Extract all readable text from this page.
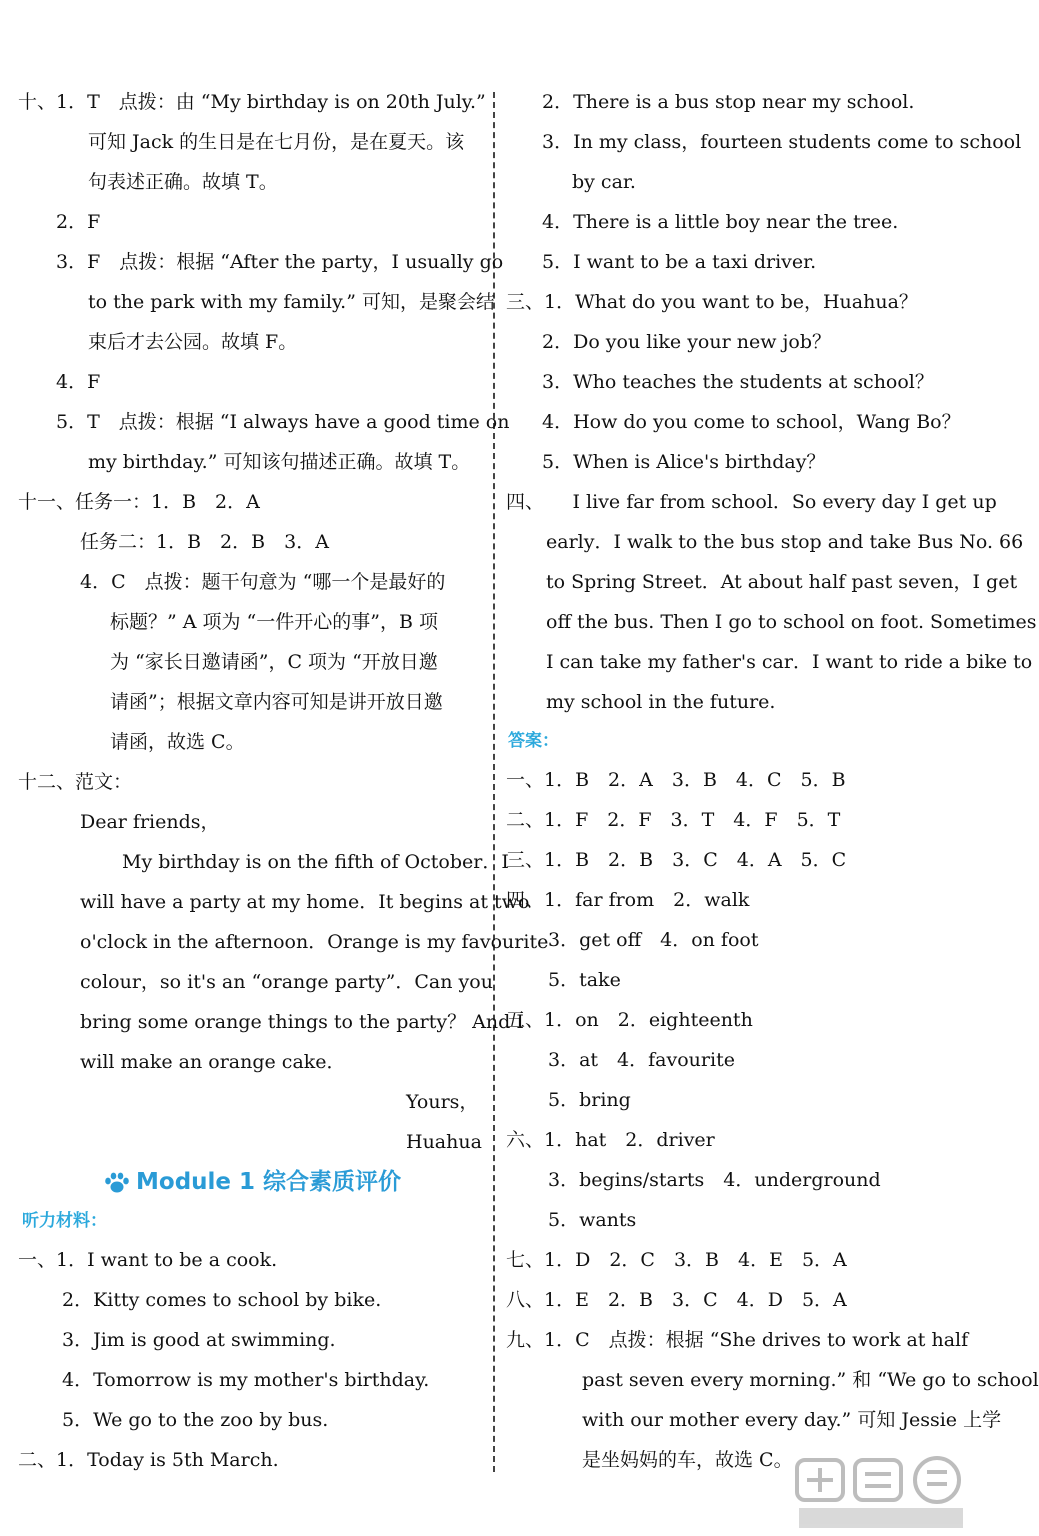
十、1．T　点拨：由 “My birthday is on 20th July.”
可知 Jack 的生日是在七月份，是在夏天。该
句表述正确。故填 T。
2．F
3．F　点拨：根据 “After the party，I usually go
to the park with my family.” 可知，是聚会结
束后才去公园。故填 F。
4．F
5．T　点拨：根据 “I always have a good time on
my birthday.” 可知该句描述正确。故填 T。
十一、任务一：1．B　2．A
任务二：1．B　2．B　3．A
4．C　点拨：题干句意为 “哪一个是最好的
标题？” A 项为 “一件开心的事”，B 项
为 “家长日邀请函”，C 项为 “开放日邀
请函”；根据文章内容可知是讲开放日邀
请函，故选 C。
十二、范文：
Dear friends，
My birthday is on the fifth of October．I
will have a party at my home．It begins at two
o'clock in the afternoon．Orange is my favourite
colour，so it's an “orange party”．Can you
bring some orange things to the party？ And I
will make an orange cake．
Yours，
Huahua
Module 1 综合素质评价
听力材料：
一、1．I want to be a cook.
2．Kitty comes to school by bike.
3．Jim is good at swimming.
4．Tomorrow is my mother's birthday.
5．We go to the zoo by bus.
二、1．Today is 5th March.
2．There is a bus stop near my school.
3．In my class，fourteen students come to school
by car.
4．There is a little boy near the tree.
5．I want to be a taxi driver.
三、1．What do you want to be，Huahua？
2．Do you like your new job？
3．Who teaches the students at school？
4．How do you come to school，Wang Bo？
5．When is Alice's birthday？
四、　　I live far from school．So every day I get up
early．I walk to the bus stop and take Bus No. 66
to Spring Street．At about half past seven，I get
off the bus. Then I go to school on foot. Sometimes
I can take my father's car．I want to ride a bike to
my school in the future.
答案：
一、1．B　2．A　3．B　4．C　5．B
二、1．F　2．F　3．T　4．F　5．T
三、1．B　2．B　3．C　4．A　5．C
四、1．far from　2．walk
3．get off　4．on foot
5．take
五、1．on　2．eighteenth
3．at　4．favourite
5．bring
六、1．hat　2．driver
3．begins/starts　4．underground
5．wants
七、1．D　2．C　3．B　4．E　5．A
八、1．E　2．B　3．C　4．D　5．A
九、1．C　点拨：根据 “She drives to work at half
past seven every morning.” 和 “We go to school
with our mother every day.” 可知 Jessie 上学
是坐妈妈的车，故选 C。
